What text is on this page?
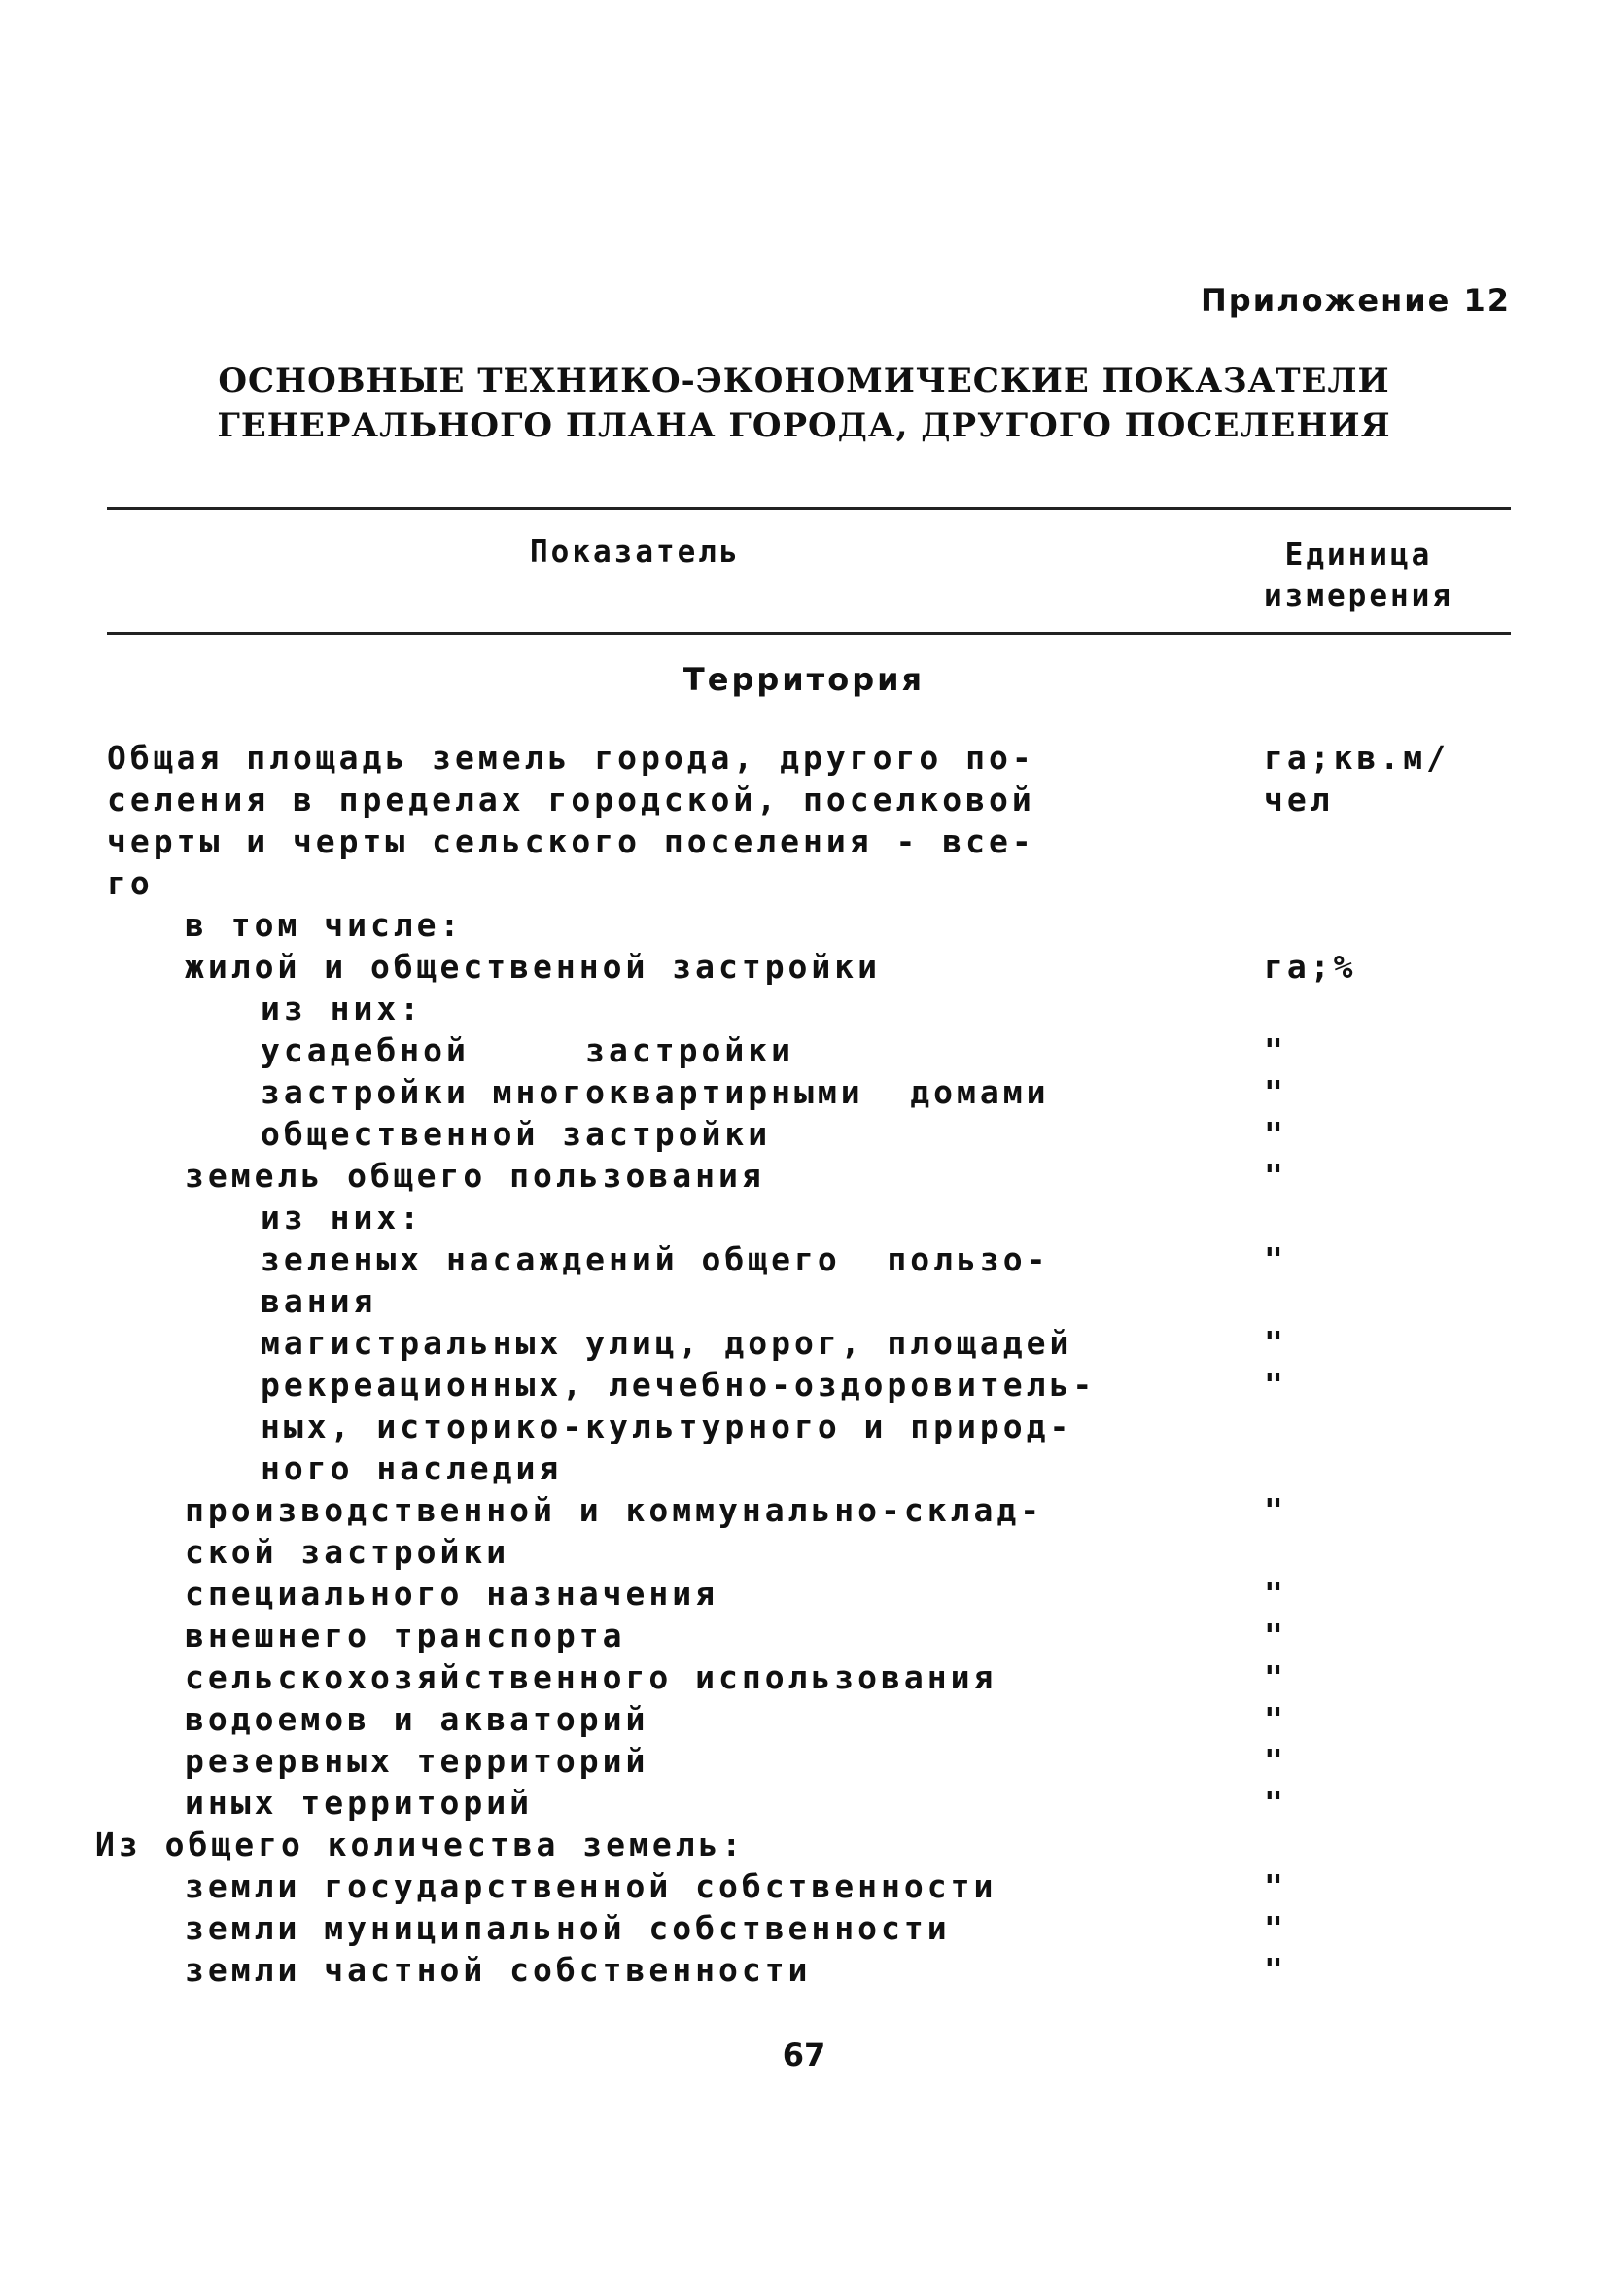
Приложение 12
ОСНОВНЫЕ ТЕХНИКО-ЭКОНОМИЧЕСКИЕ ПОКАЗАТЕЛИ
ГЕНЕРАЛЬНОГО ПЛАНА ГОРОДА, ДРУГОГО ПОСЕЛЕНИЯ
Показатель	Единица
измерения
Территория
Общая площадь земель города, другого по-	га;кв.м/
селения в пределах городской, поселковой	чел
черты и черты сельского поселения - все-
го
в том числе:
жилой и общественной застройки	га;%
из них:
усадебной     застройки	"
застройки многоквартирными  домами	"
общественной застройки	"
земель общего пользования	"
из них:
зеленых насаждений общего  пользо-	"
вания
магистральных улиц, дорог, площадей	"
рекреационных, лечебно-оздоровитель-	"
ных, историко-культурного и природ-
ного наследия
производственной и коммунально-склад-	"
ской застройки
специального назначения	"
внешнего транспорта	"
сельскохозяйственного использования	"
водоемов и акваторий	"
резервных территорий	"
иных территорий	"
Из общего количества земель:
земли государственной собственности	"
земли муниципальной собственности	"
земли частной собственности	"
67
